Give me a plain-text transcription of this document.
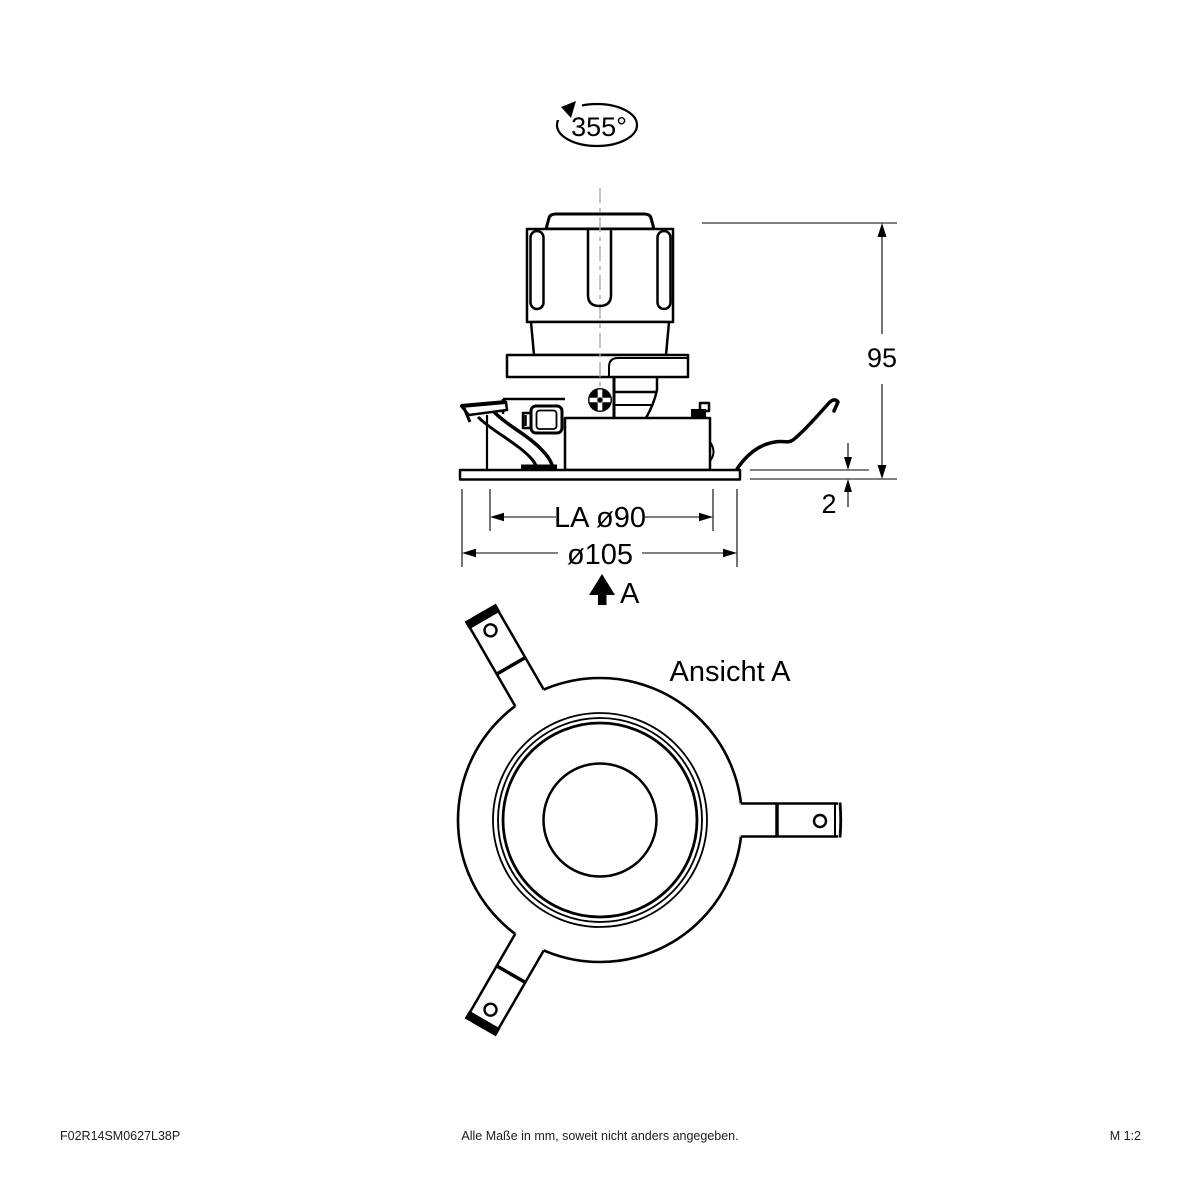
355°
95
2
LA ø90
ø105
A
Ansicht A
F02R14SM0627L38P	Alle Maße in mm, soweit nicht anders angegeben.	M 1:2
